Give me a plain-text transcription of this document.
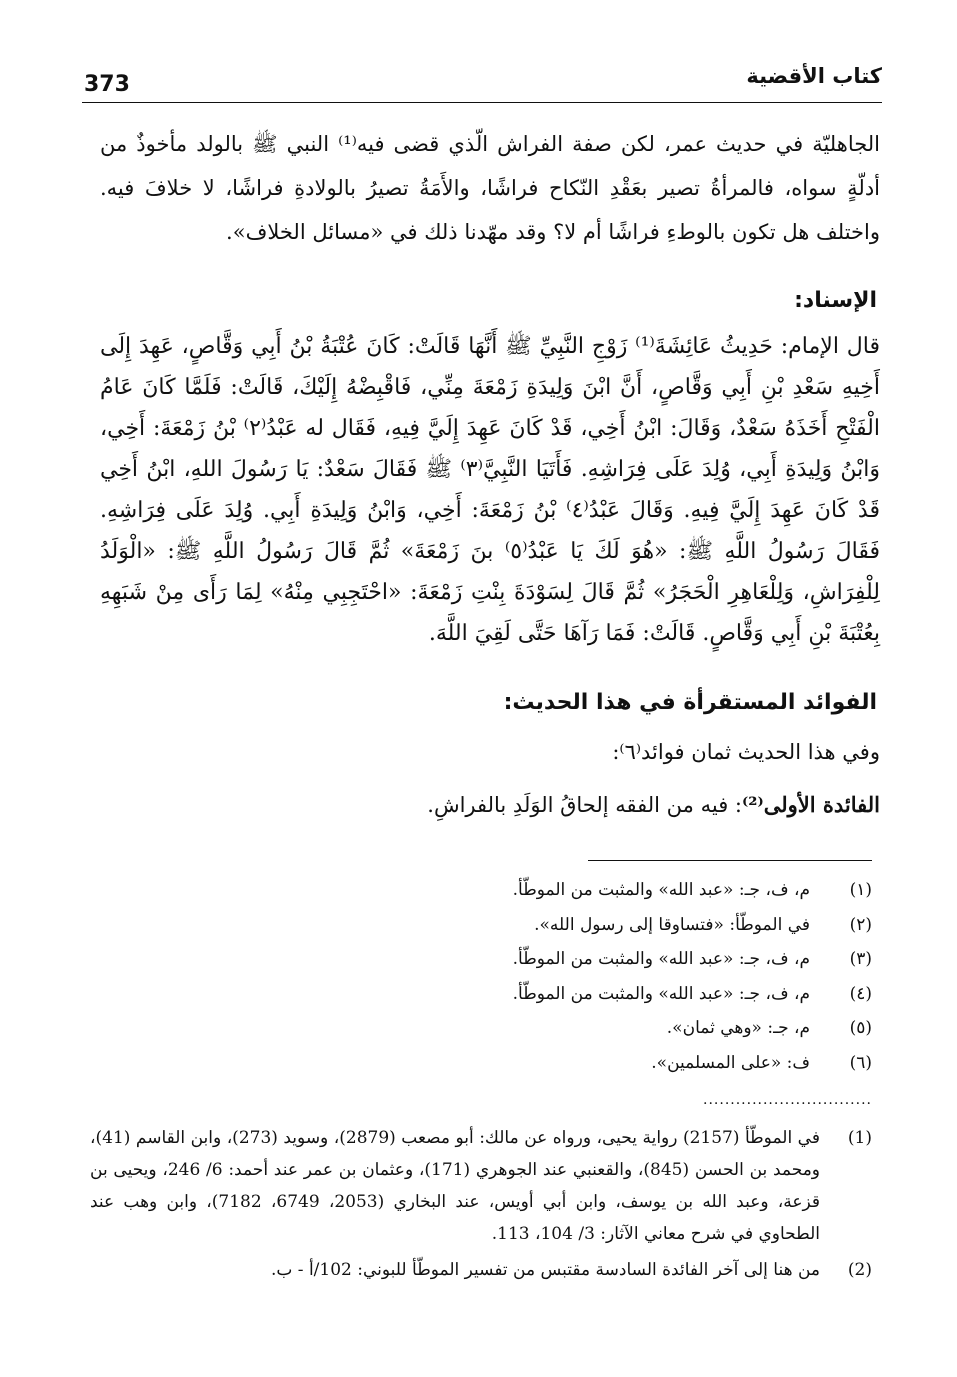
373	كتاب الأقضية
الجاهليّة في حديث عمر، لكن صفة الفراش الّذي قضى فيه⁽¹⁾ النبي ﷺ بالولد مأخوذٌ من أدلّةٍ سواه، فالمرأةُ تصير بعَقْدِ النّكاح فراشًا، والأَمَةُ تصيرُ بالولادةِ فراشًا، لا خلافَ فيه. واختلف هل تكون بالوطءِ فراشًا أم لا؟ وقد مهّدنا ذلك في «مسائل الخلاف».
الإسناد:
قال الإمام: حَدِيثُ عَائِشَةَ⁽¹⁾ زَوْجِ النَّبِيِّ ﷺ أَنَّهَا قَالَتْ: كَانَ عُتْبَةُ بْنُ أَبِي وَقَّاصٍ، عَهِدَ إِلَى أَخِيهِ سَعْدِ بْنِ أَبِي وَقَّاصٍ، أَنَّ ابْنَ وَلِيدَةِ زَمْعَةَ مِنِّي، فَاقْبِضْهُ إِلَيْكَ، قَالَتْ: فَلَمَّا كَانَ عَامُ الْفَتْحِ أَخَذَهُ سَعْدٌ، وَقَالَ: ابْنُ أَخِي، قَدْ كَانَ عَهِدَ إِلَيَّ فِيهِ، فَقَال له عَبْدُ⁽٢⁾ بْنُ زَمْعَةَ: أَخِي، وَابْنُ وَلِيدَةِ أَبِي، وُلِدَ عَلَى فِرَاشِهِ. فَأَتَيَا النَّبِيَّ⁽٣⁾ ﷺ فَقَالَ سَعْدٌ: يَا رَسُولَ اللهِ، ابْنُ أَخِي قَدْ كَانَ عَهِدَ إِلَيَّ فِيهِ. وَقَالَ عَبْدُ⁽٤⁾ بْنُ زَمْعَةَ: أَخِي، وَابْنُ وَلِيدَةِ أَبِي. وُلِدَ عَلَى فِرَاشِهِ. فَقَالَ رَسُولُ اللَّهِ ﷺ: «هُوَ لَكَ يَا عَبْدُ⁽٥⁾ بنَ زَمْعَةَ» ثُمَّ قَالَ رَسُولُ اللَّهِ ﷺ: «الْوَلَدُ لِلْفِرَاشِ، وَلِلْعَاهِرِ الْحَجَرُ» ثُمَّ قَالَ لِسَوْدَةَ بِنْتِ زَمْعَةَ: «احْتَجِبِي مِنْهُ» لِمَا رَأَى مِنْ شَبَهِهِ بِعُتْبَةَ بْنِ أَبِي وَقَّاصٍ. قَالَتْ: فَمَا رَآهَا حَتَّى لَقِيَ اللَّهَ.
الفوائد المستقرأة في هذا الحديث:
وفي هذا الحديث ثمان فوائد⁽٦⁾:
الفائدة الأولى⁽²⁾: فيه من الفقه إلحاقُ الوَلَدِ بالفراشِ.
(١)م، ف، جـ: «عبد الله» والمثبت من الموطّأ.
(٢)في الموطّأ: «فتساوقا إلى رسول الله».
(٣)م، ف، جـ: «عبد الله» والمثبت من الموطّأ.
(٤)م، ف، جـ: «عبد الله» والمثبت من الموطّأ.
(٥)م، جـ: «وهي ثمان».
(٦)ف: «على المسلمين».
...............................
(1)
في الموطّأ (2157) رواية يحيى، ورواه عن مالك: أبو مصعب (2879)، وسويد (273)، وابن القاسم (41)، ومحمد بن الحسن (845)، والقعنبي عند الجوهري (171)، وعثمان بن عمر عند أحمد: 6/ 246، ويحيى بن قزعة، وعبد الله بن يوسف، وابن أبي أويس، عند البخاري (2053، 6749، 7182)، وابن وهب عند الطحاوي في شرح معاني الآثار: 3/ 104، 113.
(2)
من هنا إلى آخر الفائدة السادسة مقتبس من تفسير الموطّأ للبوني: 102/أ - ب.
